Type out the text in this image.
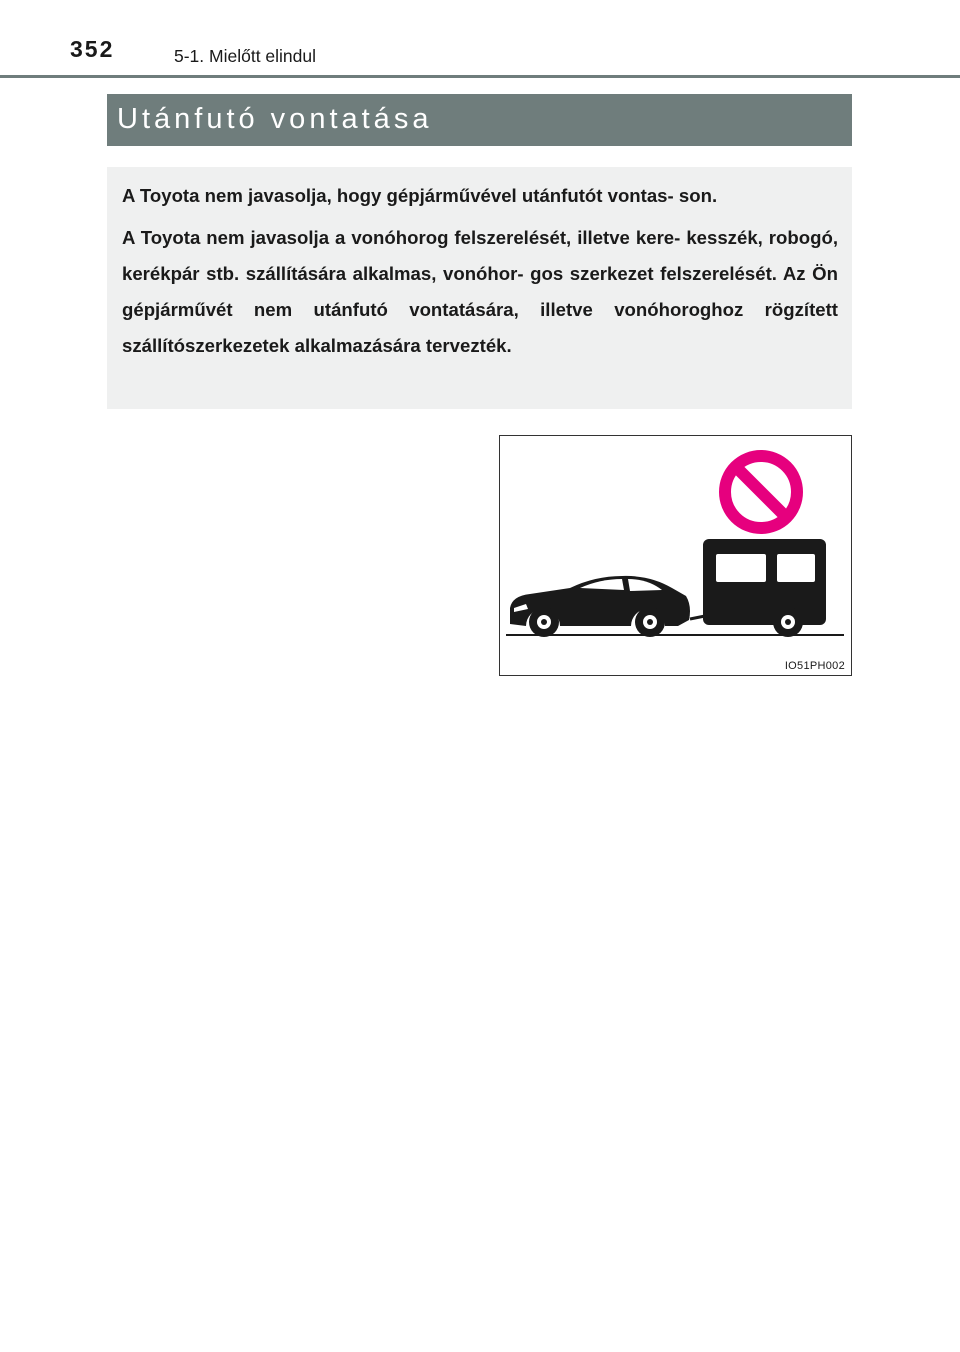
352	5-1. Mielőtt elindul
Utánfutó vontatása

A Toyota nem javasolja, hogy gépjárművével utánfutót vontas- son.

A Toyota nem javasolja a vonóhorog felszerelését, illetve kere- kesszék, robogó, kerékpár stb. szállítására alkalmas, vonóhor- gos szerkezet felszerelését. Az Ön gépjárművét nem utánfutó vontatására, illetve vonóhoroghoz rögzített szállítószerkezetek alkalmazására tervezték.

IO51PH002
